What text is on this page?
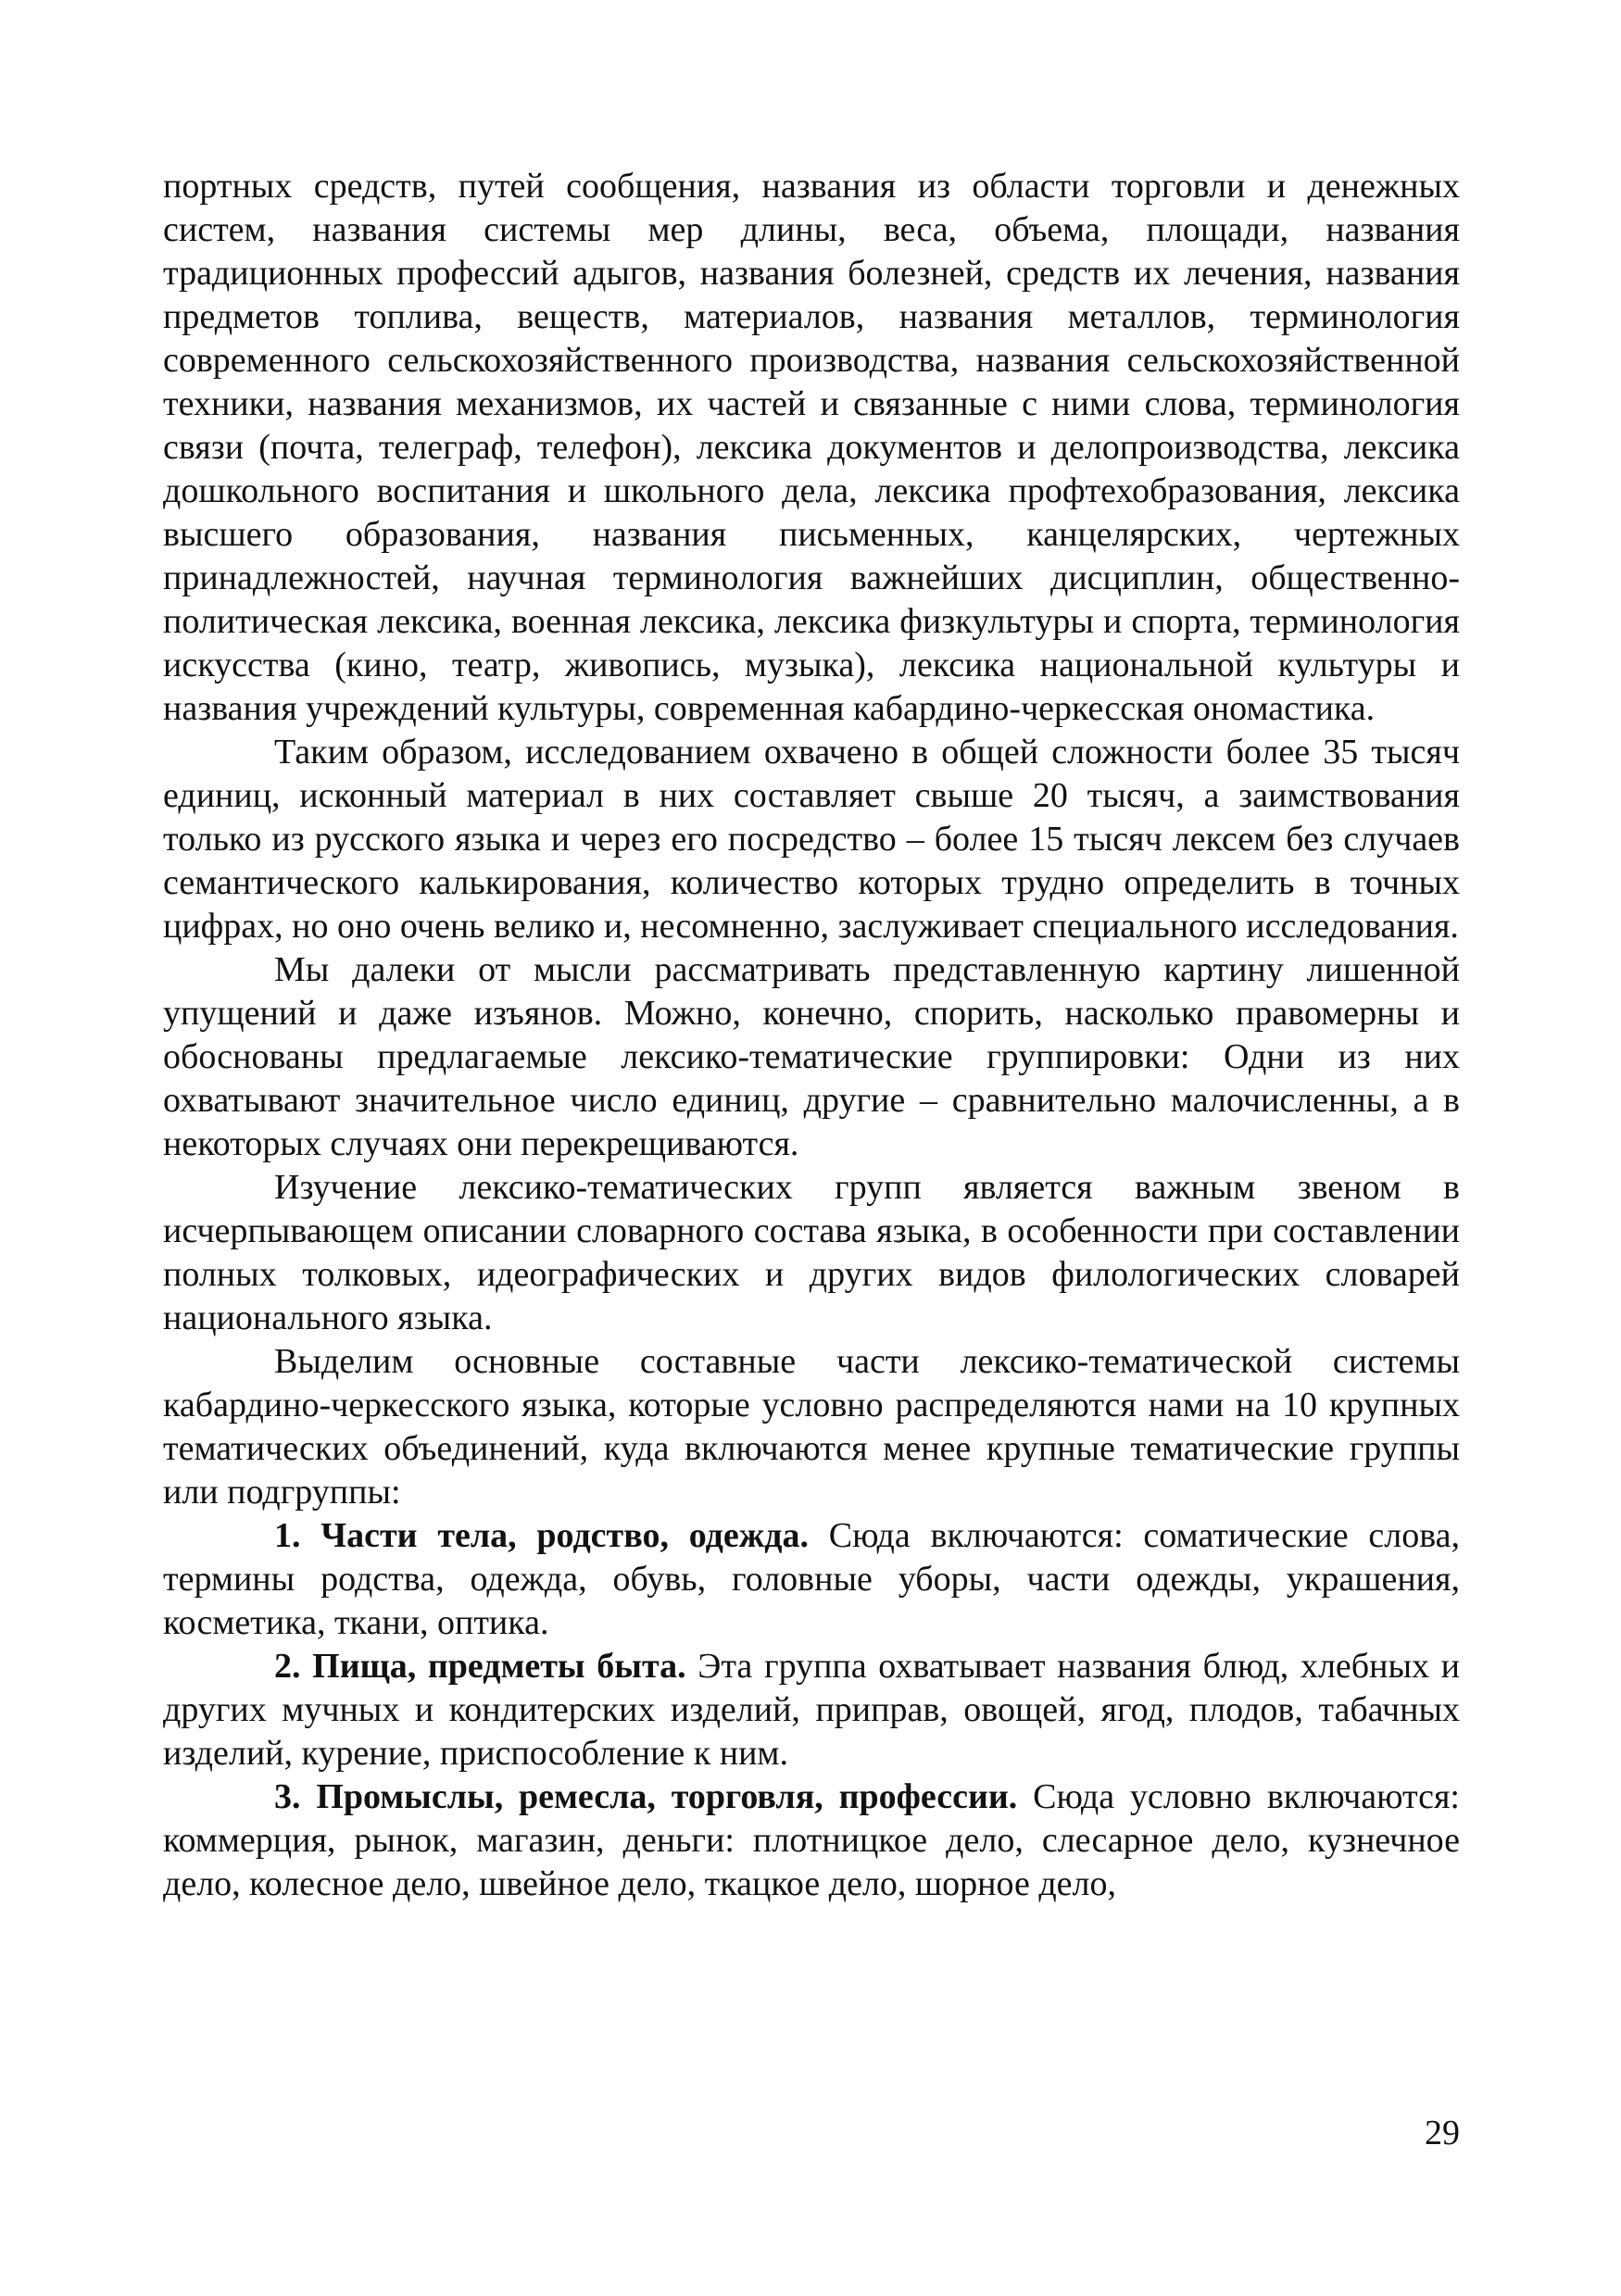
портных средств, путей сообщения, названия из области торговли и денежных систем, названия системы мер длины, веса, объема, площади, названия традиционных профессий адыгов, названия болезней, средств их лечения, названия предметов топлива, веществ, материалов, названия металлов, терминология современного сельскохозяйственного производства, названия сельскохозяйственной техники, названия механизмов, их частей и связанные с ними слова, терминология связи (почта, телеграф, телефон), лексика документов и делопроизводства, лексика дошкольного воспитания и школьного дела, лексика профтехобразования, лексика высшего образования, названия письменных, канцелярских, чертежных принадлежностей, научная терминология важнейших дисциплин, общественно-политическая лексика, военная лексика, лексика физкультуры и спорта, терминология искусства (кино, театр, живопись, музыка), лексика национальной культуры и названия учреждений культуры, современная кабардино-черкесская ономастика.

Таким образом, исследованием охвачено в общей сложности более 35 тысяч единиц, исконный материал в них составляет свыше 20 тысяч, а заимствования только из русского языка и через его посредство – более 15 тысяч лексем без случаев семантического калькирования, количество которых трудно определить в точных цифрах, но оно очень велико и, несомненно, заслуживает специального исследования.

Мы далеки от мысли рассматривать представленную картину лишенной упущений и даже изъянов. Можно, конечно, спорить, насколько правомерны и обоснованы предлагаемые лексико-тематические группировки: Одни из них охватывают значительное число единиц, другие – сравнительно малочисленны, а в некоторых случаях они перекрещиваются.

Изучение лексико-тематических групп является важным звеном в исчерпывающем описании словарного состава языка, в особенности при составлении полных толковых, идеографических и других видов филологических словарей национального языка.

Выделим основные составные части лексико-тематической системы кабардино-черкесского языка, которые условно распределяются нами на 10 крупных тематических объединений, куда включаются менее крупные тематические группы или подгруппы:

1. Части тела, родство, одежда. Сюда включаются: соматические слова, термины родства, одежда, обувь, головные уборы, части одежды, украшения, косметика, ткани, оптика.

2. Пища, предметы быта. Эта группа охватывает названия блюд, хлебных и других мучных и кондитерских изделий, приправ, овощей, ягод, плодов, табачных изделий, курение, приспособление к ним.

3. Промыслы, ремесла, торговля, профессии. Сюда условно включаются: коммерция, рынок, магазин, деньги: плотницкое дело, слесарное дело, кузнечное дело, колесное дело, швейное дело, ткацкое дело, шорное дело,

29
